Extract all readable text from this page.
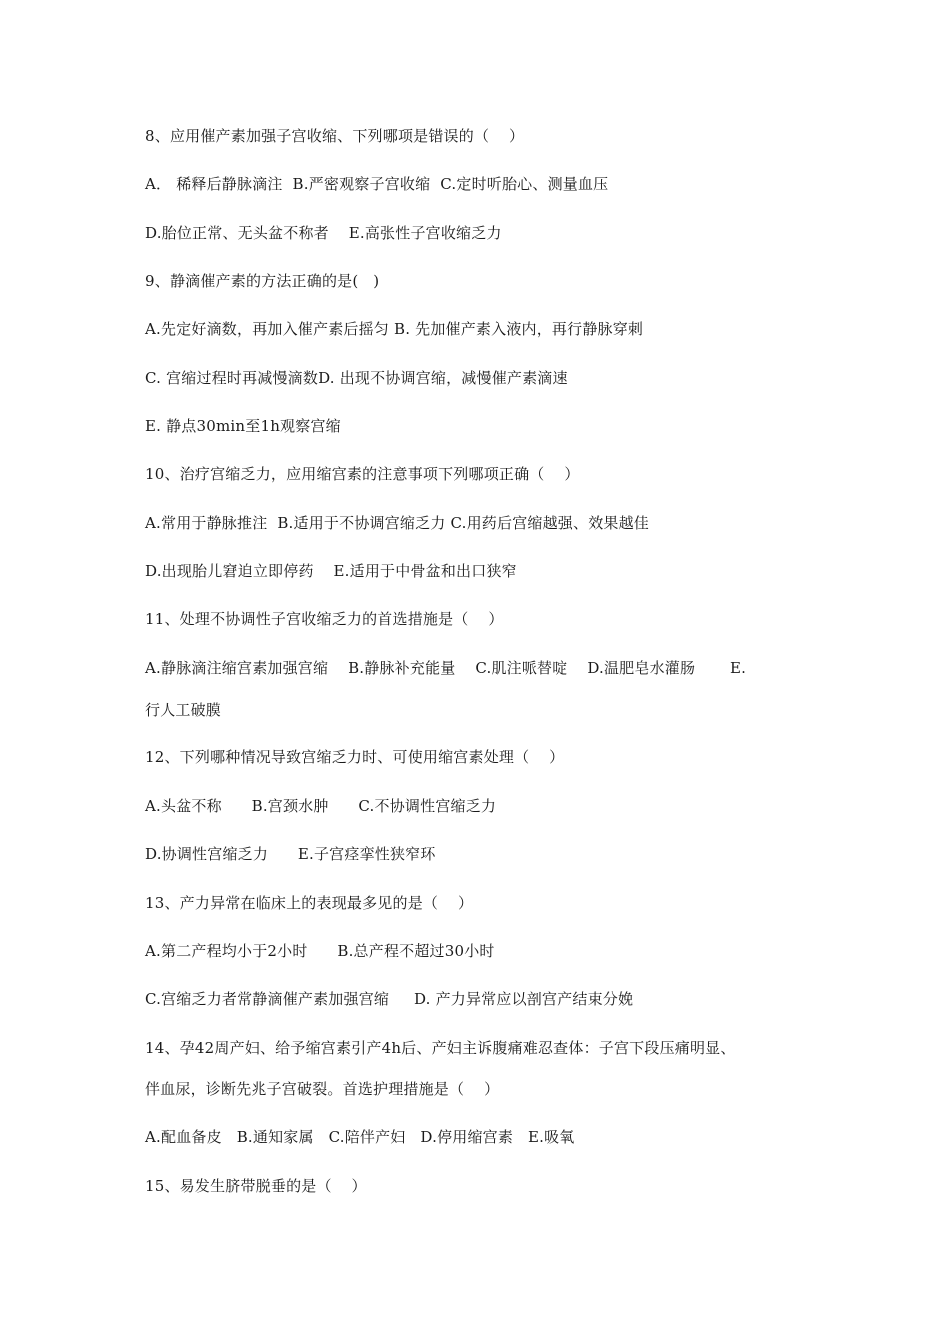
8、应用催产素加强子宫收缩、下列哪项是错误的（    ）
A． 稀释后静脉滴注  B.严密观察子宫收缩  C.定时听胎心、测量血压
D.胎位正常、无头盆不称者    E.高张性子宫收缩乏力
9、静滴催产素的方法正确的是(   )
A.先定好滴数，再加入催产素后摇匀 B. 先加催产素入液内，再行静脉穿刺
C. 宫缩过程时再减慢滴数D. 出现不协调宫缩，减慢催产素滴速
E. 静点30min至1h观察宫缩
10、治疗宫缩乏力，应用缩宫素的注意事项下列哪项正确（    ）
A.常用于静脉推注  B.适用于不协调宫缩乏力 C.用药后宫缩越强、效果越佳
D.出现胎儿窘迫立即停药    E.适用于中骨盆和出口狭窄
11、处理不协调性子宫收缩乏力的首选措施是（    ）
A.静脉滴注缩宫素加强宫缩    B.静脉补充能量    C.肌注哌替啶    D.温肥皂水灌肠       E.
行人工破膜
12、下列哪种情况导致宫缩乏力时、可使用缩宫素处理（    ）
A.头盆不称      B.宫颈水肿      C.不协调性宫缩乏力
D.协调性宫缩乏力      E.子宫痉挛性狭窄环
13、产力异常在临床上的表现最多见的是（    ）
A.第二产程均小于2小时      B.总产程不超过30小时
C.宫缩乏力者常静滴催产素加强宫缩     D. 产力异常应以剖宫产结束分娩
14、孕42周产妇、给予缩宫素引产4h后、产妇主诉腹痛难忍查体：子宫下段压痛明显、
伴血尿，诊断先兆子宫破裂。首选护理措施是（    ）
A.配血备皮   B.通知家属   C.陪伴产妇   D.停用缩宫素   E.吸氧
15、易发生脐带脱垂的是（    ）
